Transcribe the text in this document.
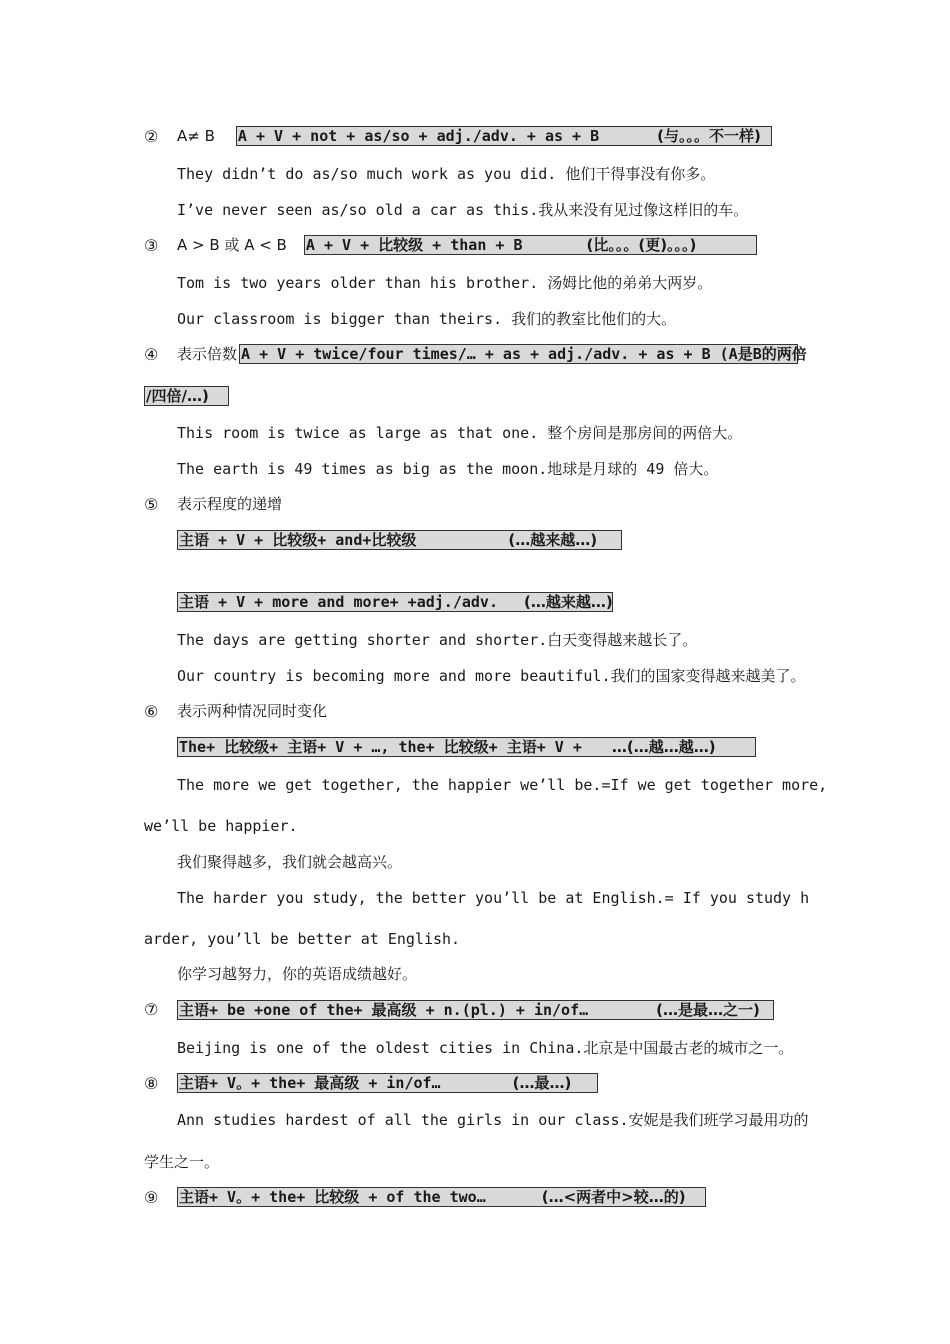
② A≠ B A + V + not + as/so + adj./adv. + as + B	(与。。。不一样)
They didn’t do as/so much work as you did. 他们干得事没有你多。
I’ve never seen as/so old a car as this.我从来没有见过像这样旧的车。
③ A > B 或 A < B A + V + 比较级 + than + B	(比。。。(更)。。。)
Tom is two years older than his brother. 汤姆比他的弟弟大两岁。
Our classroom is bigger than theirs. 我们的教室比他们的大。
④ 表示倍数 A + V + twice/four times/… + as + adj./adv. + as + B (A是B的两倍
/四倍/…)
This room is twice as large as that one. 整个房间是那房间的两倍大。
The earth is 49 times as big as the moon.地球是月球的 49 倍大。
⑤ 表示程度的递增
主语 + V + 比较级+ and+比较级	(…越来越…)
主语 + V + more and more+ +adj./adv. (…越来越…)
The days are getting shorter and shorter.白天变得越来越长了。
Our country is becoming more and more beautiful.我们的国家变得越来越美了。
⑥ 表示两种情况同时变化
The+ 比较级+ 主语+ V + …, the+ 比较级+ 主语+ V + …(…越…越…)
The more we get together, the happier we’ll be.=If we get together more,
we’ll be happier.
我们聚得越多，我们就会越高兴。
The harder you study, the better you’ll be at English.= If you study h
arder, you’ll be better at English.
你学习越努力，你的英语成绩越好。
⑦ 主语+ be +one of the+ 最高级 + n.(pl.) + in/of…	(…是最…之一)
Beijing is one of the oldest cities in China.北京是中国最古老的城市之一。
⑧ 主语+ V。+ the+ 最高级 + in/of…	(…最…)
Ann studies hardest of all the girls in our class.安妮是我们班学习最用功的
学生之一。
⑨ 主语+ V。+ the+ 比较级 + of the two…	(…<两者中>较…的)
